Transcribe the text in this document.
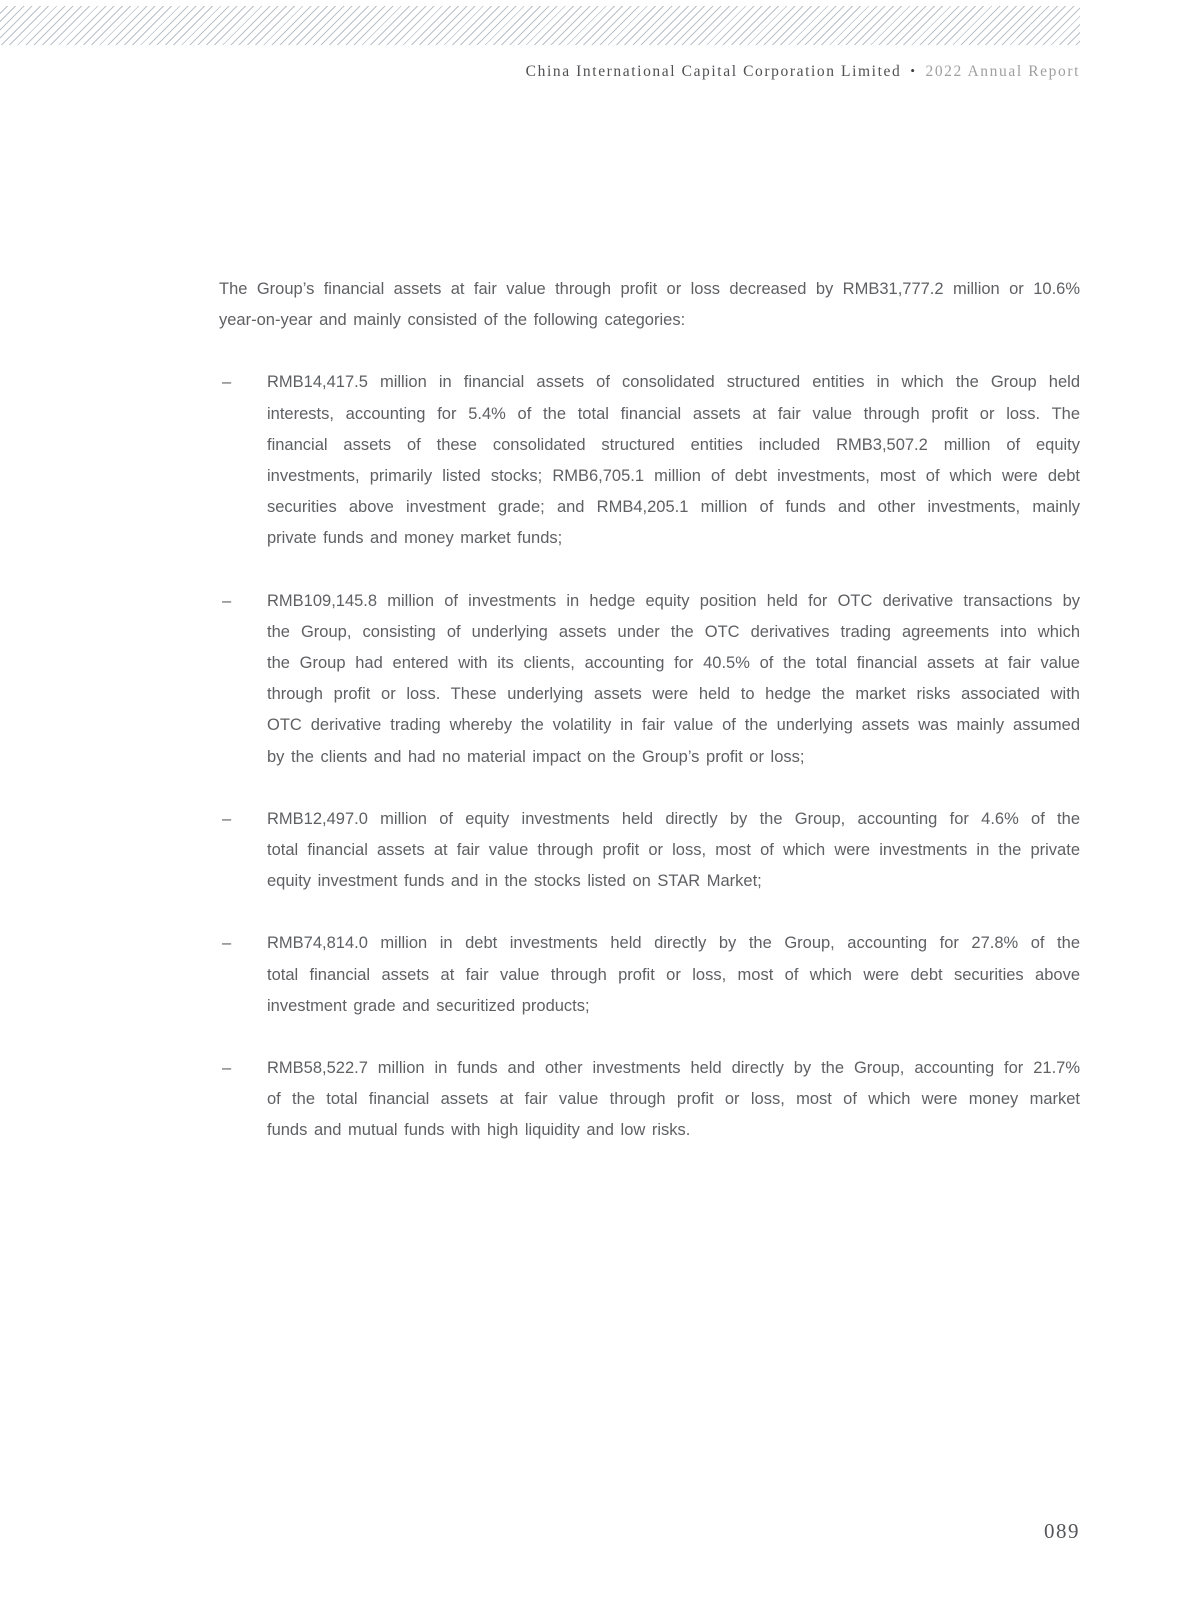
China International Capital Corporation Limited • 2022 Annual Report
The Group’s financial assets at fair value through profit or loss decreased by RMB31,777.2 million or 10.6%
year-on-year and mainly consisted of the following categories:
–	RMB14,417.5 million in financial assets of consolidated structured entities in which the Group held
interests, accounting for 5.4% of the total financial assets at fair value through profit or loss. The
financial assets of these consolidated structured entities included RMB3,507.2 million of equity
investments, primarily listed stocks; RMB6,705.1 million of debt investments, most of which were debt
securities above investment grade; and RMB4,205.1 million of funds and other investments, mainly
private funds and money market funds;
–	RMB109,145.8 million of investments in hedge equity position held for OTC derivative transactions by
the Group, consisting of underlying assets under the OTC derivatives trading agreements into which
the Group had entered with its clients, accounting for 40.5% of the total financial assets at fair value
through profit or loss. These underlying assets were held to hedge the market risks associated with
OTC derivative trading whereby the volatility in fair value of the underlying assets was mainly assumed
by the clients and had no material impact on the Group’s profit or loss;
–	RMB12,497.0 million of equity investments held directly by the Group, accounting for 4.6% of the
total financial assets at fair value through profit or loss, most of which were investments in the private
equity investment funds and in the stocks listed on STAR Market;
–	RMB74,814.0 million in debt investments held directly by the Group, accounting for 27.8% of the
total financial assets at fair value through profit or loss, most of which were debt securities above
investment grade and securitized products;
–	RMB58,522.7 million in funds and other investments held directly by the Group, accounting for 21.7%
of the total financial assets at fair value through profit or loss, most of which were money market
funds and mutual funds with high liquidity and low risks.
089
